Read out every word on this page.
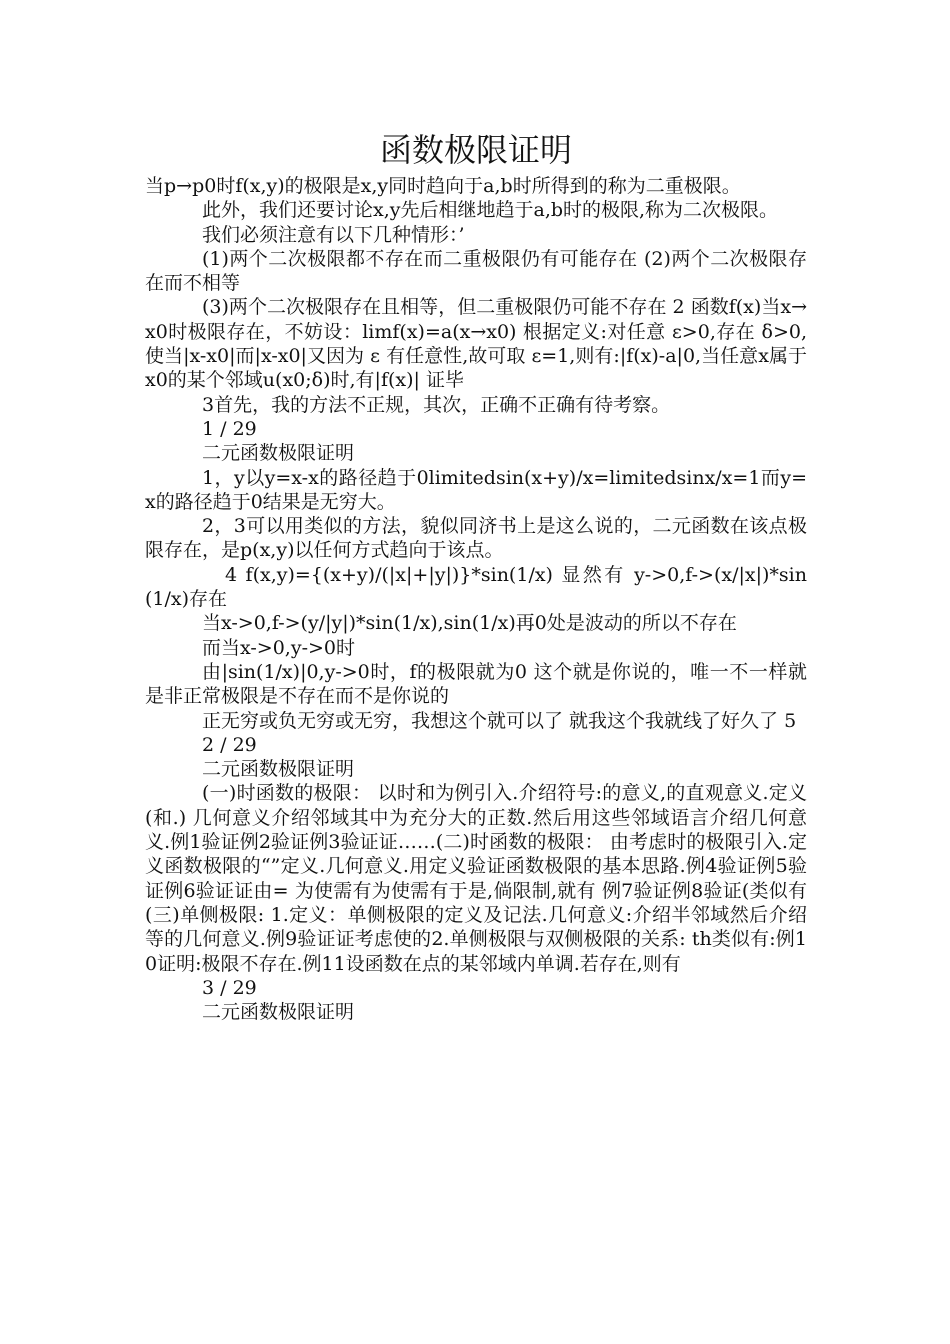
函数极限证明

当p→p0时f(x,y)的极限是x,y同时趋向于a,b时所得到的称为二重极限。

此外，我们还要讨论x,y先后相继地趋于a,b时的极限,称为二次极限。

我们必须注意有以下几种情形：’

(1)两个二次极限都不存在而二重极限仍有可能存在 (2)两个二次极限存在而不相等

(3)两个二次极限存在且相等，但二重极限仍可能不存在 2 函数f(x)当x→x0时极限存在，不妨设：limf(x)=a(x→x0) 根据定义:对任意 ε>0,存在 δ>0,使当|x-x0|而|x-x0|又因为 ε 有任意性,故可取 ε=1,则有:|f(x)-a|0,当任意x属于x0的某个邻域u(x0;δ)时,有|f(x)| 证毕

3首先，我的方法不正规，其次，正确不正确有待考察。

1 / 29

二元函数极限证明

1，y以y=x-x的路径趋于0limitedsin(x+y)/x=limitedsinx/x=1而y=x的路径趋于0结果是无穷大。

2，3可以用类似的方法，貌似同济书上是这么说的，二元函数在该点极限存在，是p(x,y)以任何方式趋向于该点。

4 f(x,y)={(x+y)/(|x|+|y|)}*sin(1/x) 显然有 y->0,f->(x/|x|)*sin(1/x)存在

当x->0,f->(y/|y|)*sin(1/x),sin(1/x)再0处是波动的所以不存在

而当x->0,y->0时

由|sin(1/x)|0,y->0时，f的极限就为0 这个就是你说的，唯一不一样就是非正常极限是不存在而不是你说的

正无穷或负无穷或无穷，我想这个就可以了 就我这个我就线了好久了 5

2 / 29

二元函数极限证明

(一)时函数的极限： 以时和为例引入.介绍符号:的意义,的直观意义.定义(和.) 几何意义介绍邻域其中为充分大的正数.然后用这些邻域语言介绍几何意义.例1验证例2验证例3验证证……(二)时函数的极限： 由考虑时的极限引入.定义函数极限的“”定义.几何意义.用定义验证函数极限的基本思路.例4验证例5验证例6验证证由= 为使需有为使需有于是,倘限制,就有 例7验证例8验证(类似有(三)单侧极限: 1.定义：单侧极限的定义及记法.几何意义:介绍半邻域然后介绍等的几何意义.例9验证证考虑使的2.单侧极限与双侧极限的关系: th类似有:例10证明:极限不存在.例11设函数在点的某邻域内单调.若存在,则有

3 / 29

二元函数极限证明
